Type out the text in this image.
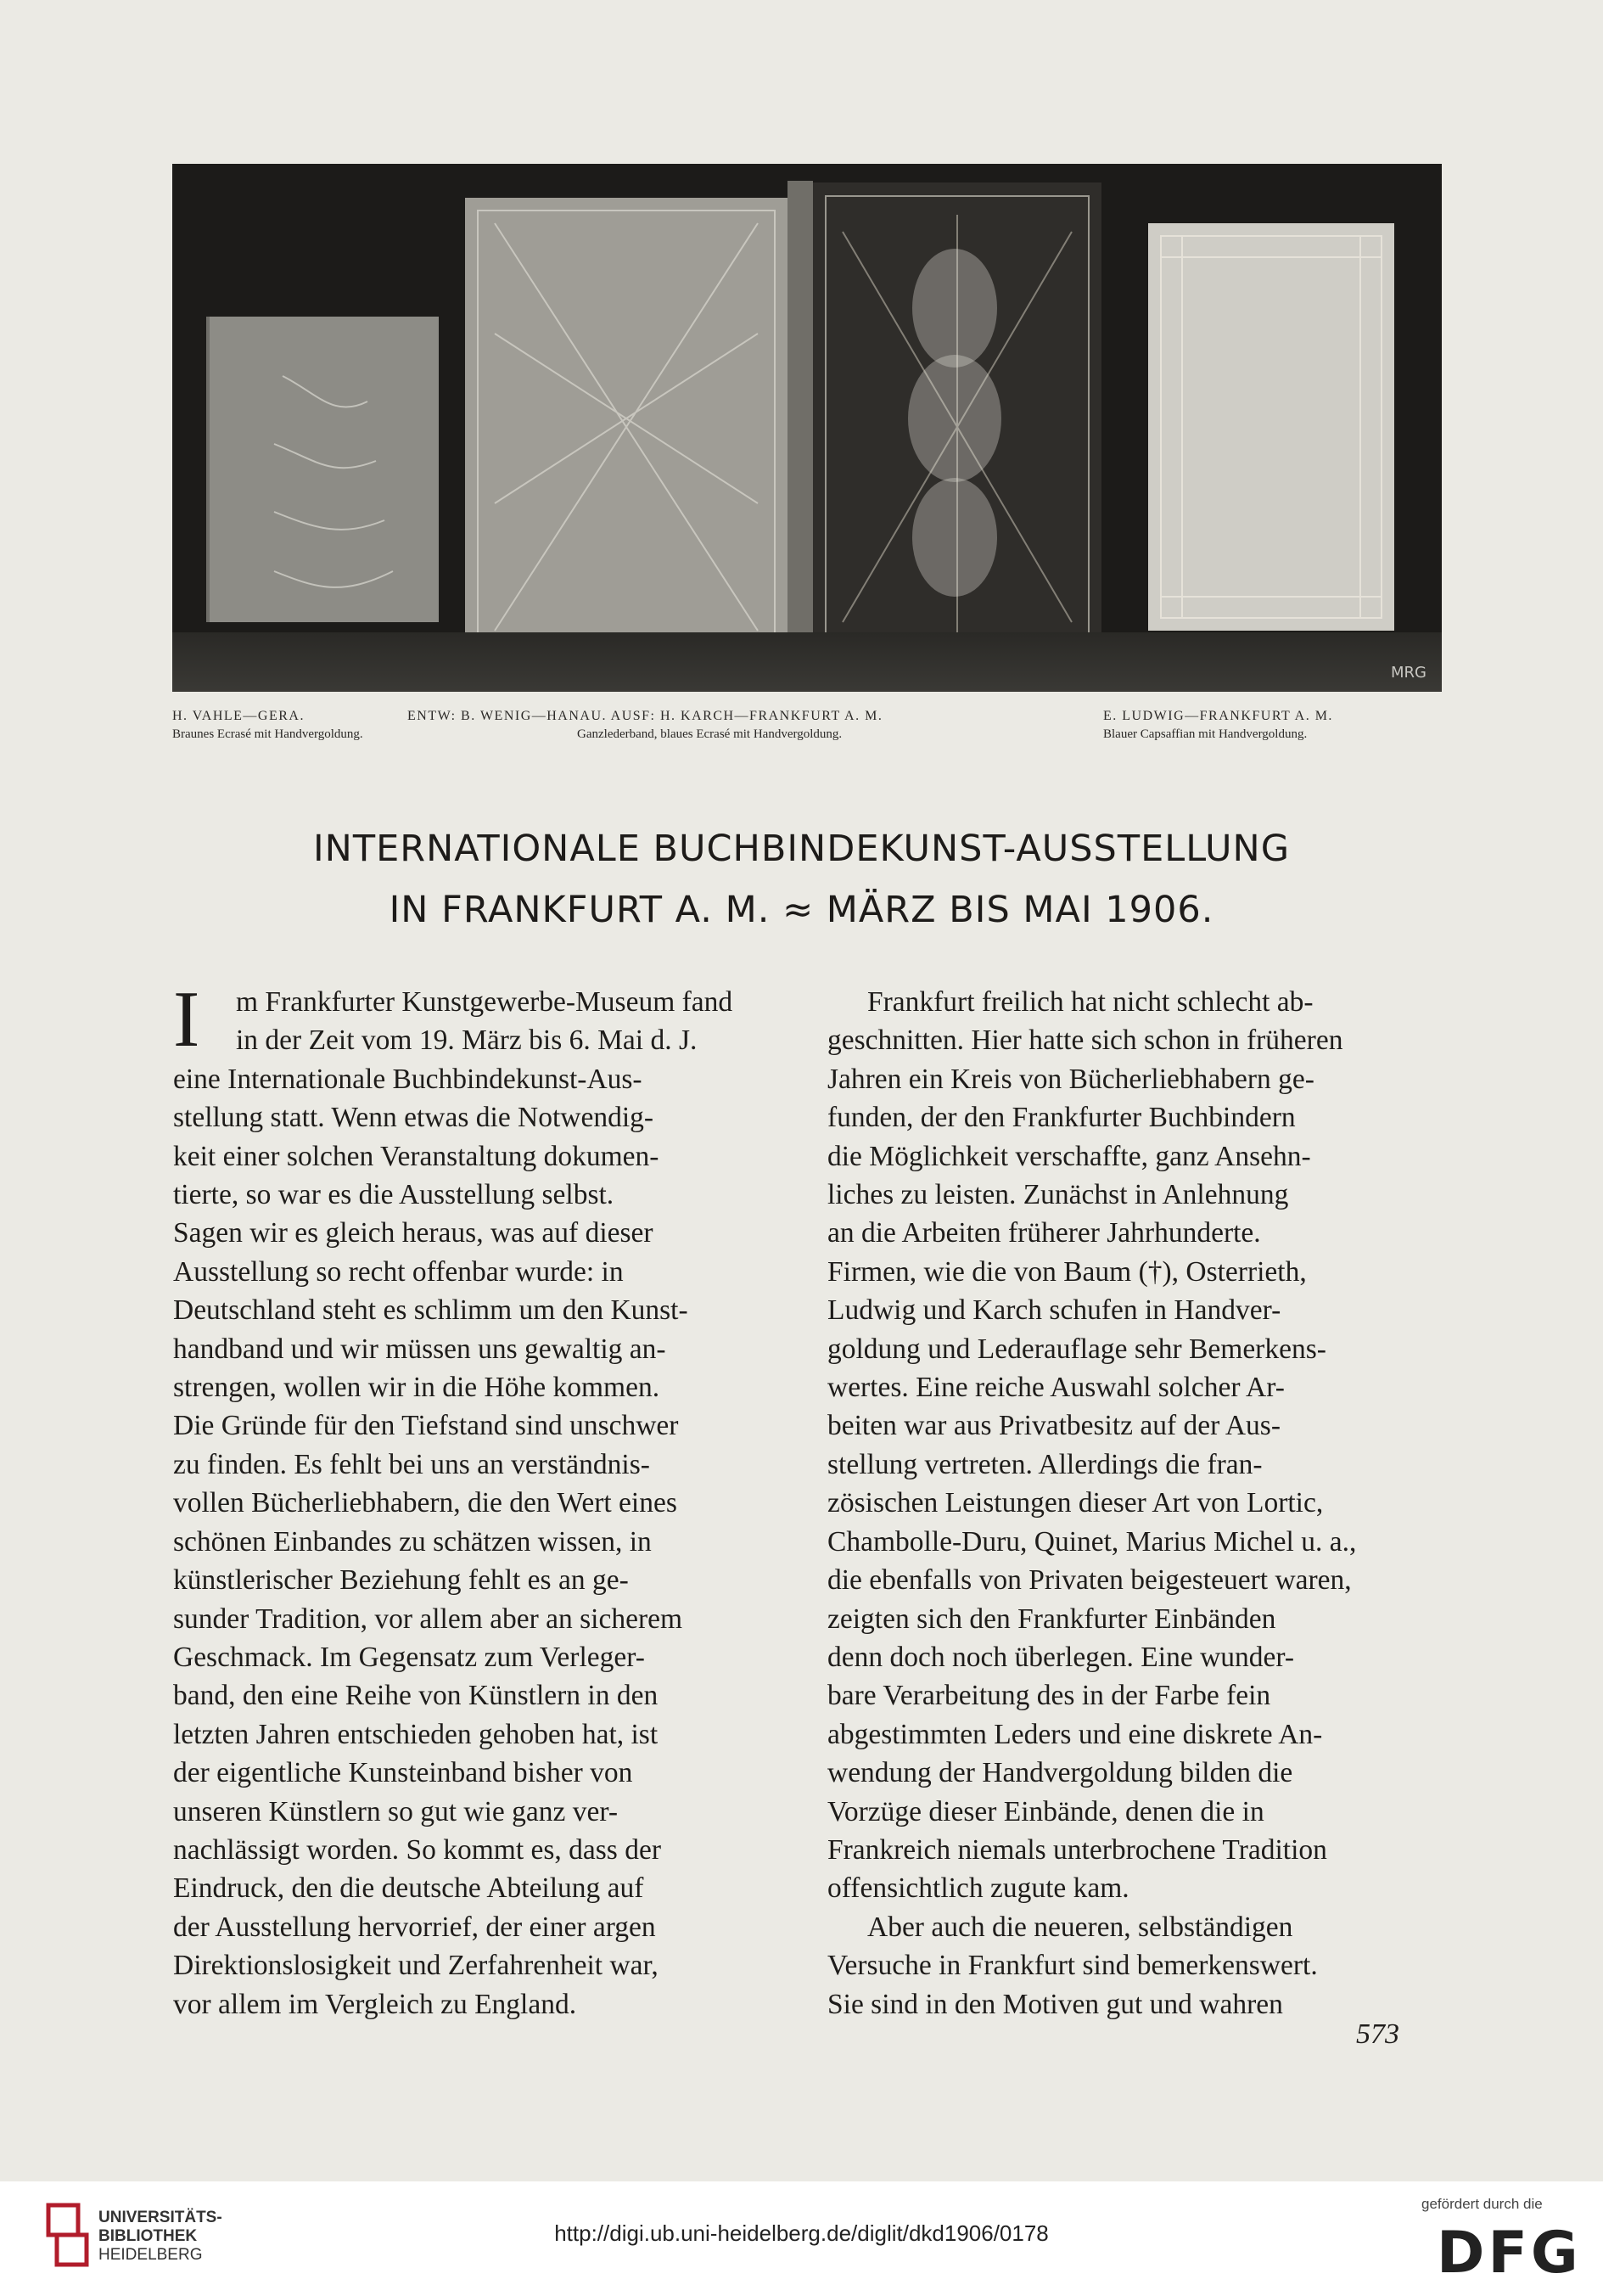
MRG
H. VAHLE—GERA.
Braunes Ecrasé mit Handvergoldung.
ENTW: B. WENIG—HANAU. AUSF: H. KARCH—FRANKFURT A. M.
Ganzlederband, blaues Ecrasé mit Handvergoldung.
E. LUDWIG—FRANKFURT A. M.
Blauer Capsaffian mit Handvergoldung.
INTERNATIONALE BUCHBINDEKUNST-AUSSTELLUNG
IN FRANKFURT A. M. ≈ MÄRZ BIS MAI 1906.
I	m Frankfurter Kunstgewerbe-Museum fand
in der Zeit vom 19. März bis 6. Mai d. J.
eine Internationale Buchbindekunst-Aus-
stellung statt. Wenn etwas die Notwendig-
keit einer solchen Veranstaltung dokumen-
tierte, so war es die Ausstellung selbst.
Sagen wir es gleich heraus, was auf dieser
Ausstellung so recht offenbar wurde: in
Deutschland steht es schlimm um den Kunst-
handband und wir müssen uns gewaltig an-
strengen, wollen wir in die Höhe kommen.
Die Gründe für den Tiefstand sind unschwer
zu finden. Es fehlt bei uns an verständnis-
vollen Bücherliebhabern, die den Wert eines
schönen Einbandes zu schätzen wissen, in
künstlerischer Beziehung fehlt es an ge-
sunder Tradition, vor allem aber an sicherem
Geschmack. Im Gegensatz zum Verleger-
band, den eine Reihe von Künstlern in den
letzten Jahren entschieden gehoben hat, ist
der eigentliche Kunsteinband bisher von
unseren Künstlern so gut wie ganz ver-
nachlässigt worden. So kommt es, dass der
Eindruck, den die deutsche Abteilung auf
der Ausstellung hervorrief, der einer argen
Direktionslosigkeit und Zerfahrenheit war,
vor allem im Vergleich zu England.
Frankfurt freilich hat nicht schlecht ab-
geschnitten. Hier hatte sich schon in früheren
Jahren ein Kreis von Bücherliebhabern ge-
funden, der den Frankfurter Buchbindern
die Möglichkeit verschaffte, ganz Ansehn-
liches zu leisten. Zunächst in Anlehnung
an die Arbeiten früherer Jahrhunderte.
Firmen, wie die von Baum (†), Osterrieth,
Ludwig und Karch schufen in Handver-
goldung und Lederauflage sehr Bemerkens-
wertes. Eine reiche Auswahl solcher Ar-
beiten war aus Privatbesitz auf der Aus-
stellung vertreten. Allerdings die fran-
zösischen Leistungen dieser Art von Lortic,
Chambolle-Duru, Quinet, Marius Michel u. a.,
die ebenfalls von Privaten beigesteuert waren,
zeigten sich den Frankfurter Einbänden
denn doch noch überlegen. Eine wunder-
bare Verarbeitung des in der Farbe fein
abgestimmten Leders und eine diskrete An-
wendung der Handvergoldung bilden die
Vorzüge dieser Einbände, denen die in
Frankreich niemals unterbrochene Tradition
offensichtlich zugute kam.
Aber auch die neueren, selbständigen
Versuche in Frankfurt sind bemerkenswert.
Sie sind in den Motiven gut und wahren
573
UNIVERSITÄTS-
BIBLIOTHEK
HEIDELBERG
http://digi.ub.uni-heidelberg.de/diglit/dkd1906/0178
gefördert durch die
DFG
